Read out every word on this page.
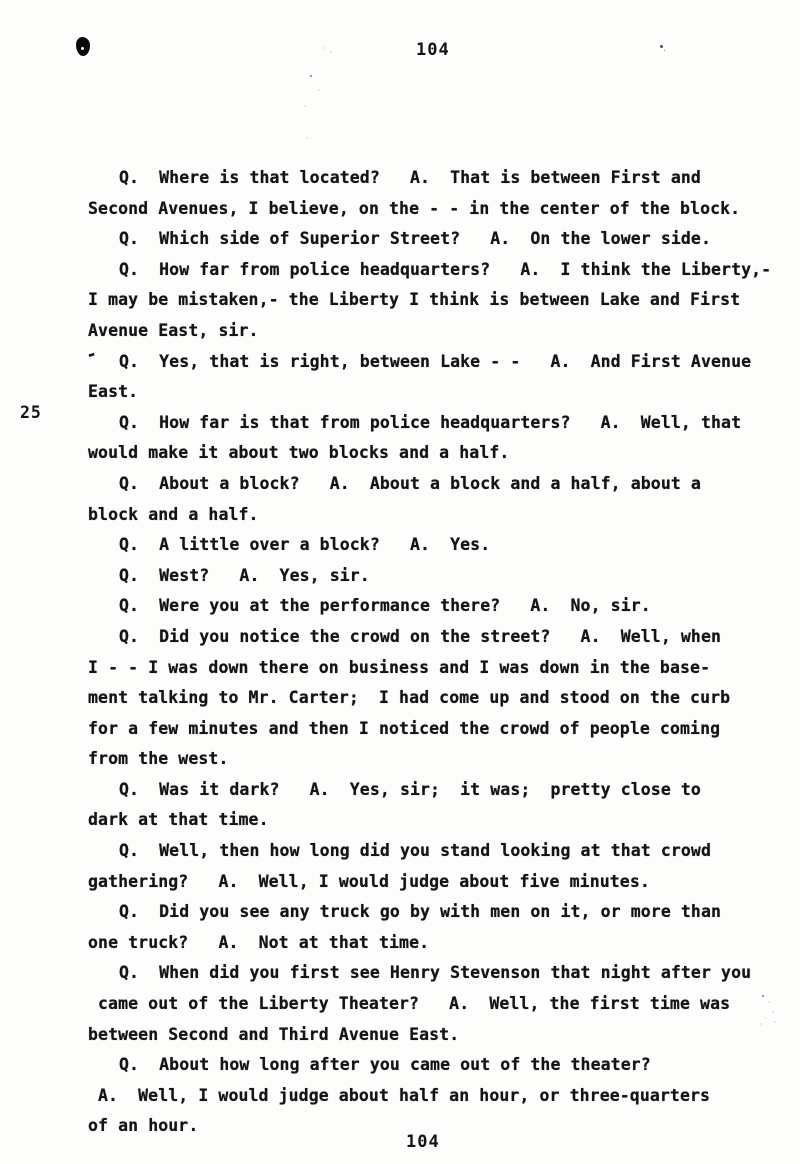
104
-
25
Q.  Where is that located?   A.  That is between First and
Second Avenues, I believe, on the - - in the center of the block.
Q.  Which side of Superior Street?   A.  On the lower side.
Q.  How far from police headquarters?   A.  I think the Liberty,-
I may be mistaken,- the Liberty I think is between Lake and First
Avenue East, sir.
Q.  Yes, that is right, between Lake - -   A.  And First Avenue
East.
Q.  How far is that from police headquarters?   A.  Well, that
would make it about two blocks and a half.
Q.  About a block?   A.  About a block and a half, about a
block and a half.
Q.  A little over a block?   A.  Yes.
Q.  West?   A.  Yes, sir.
Q.  Were you at the performance there?   A.  No, sir.
Q.  Did you notice the crowd on the street?   A.  Well, when
I - - I was down there on business and I was down in the base-
ment talking to Mr. Carter;  I had come up and stood on the curb
for a few minutes and then I noticed the crowd of people coming
from the west.
Q.  Was it dark?   A.  Yes, sir;  it was;  pretty close to
dark at that time.
Q.  Well, then how long did you stand looking at that crowd
gathering?   A.  Well, I would judge about five minutes.
Q.  Did you see any truck go by with men on it, or more than
one truck?   A.  Not at that time.
Q.  When did you first see Henry Stevenson that night after you
came out of the Liberty Theater?   A.  Well, the first time was
between Second and Third Avenue East.
Q.  About how long after you came out of the theater?
A.  Well, I would judge about half an hour, or three-quarters
of an hour.
104
